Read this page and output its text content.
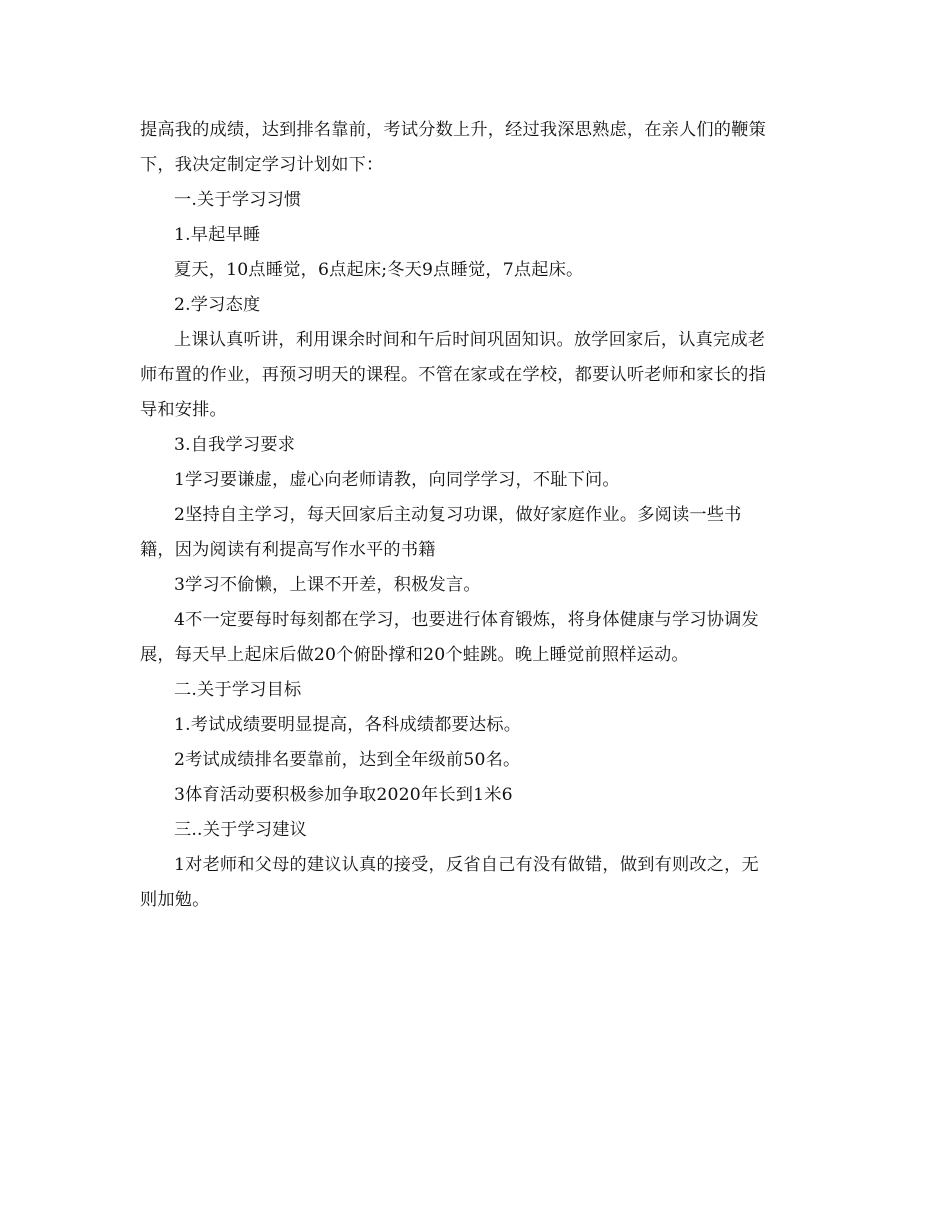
提高我的成绩，达到排名靠前，考试分数上升，经过我深思熟虑，在亲人们的鞭策

下，我决定制定学习计划如下：

一.关于学习习惯

1.早起早睡

夏天，10点睡觉，6点起床;冬天9点睡觉，7点起床。

2.学习态度

上课认真听讲，利用课余时间和午后时间巩固知识。放学回家后，认真完成老

师布置的作业，再预习明天的课程。不管在家或在学校，都要认听老师和家长的指

导和安排。

3.自我学习要求

1学习要谦虚，虚心向老师请教，向同学学习，不耻下问。

2坚持自主学习，每天回家后主动复习功课，做好家庭作业。多阅读一些书

籍，因为阅读有利提高写作水平的书籍

3学习不偷懒，上课不开差，积极发言。

4不一定要每时每刻都在学习，也要进行体育锻炼，将身体健康与学习协调发

展，每天早上起床后做20个俯卧撑和20个蛙跳。晚上睡觉前照样运动。

二.关于学习目标

1.考试成绩要明显提高，各科成绩都要达标。

2考试成绩排名要靠前，达到全年级前50名。

3体育活动要积极参加争取2020年长到1米6

三..关于学习建议

1对老师和父母的建议认真的接受，反省自己有没有做错，做到有则改之，无

则加勉。
